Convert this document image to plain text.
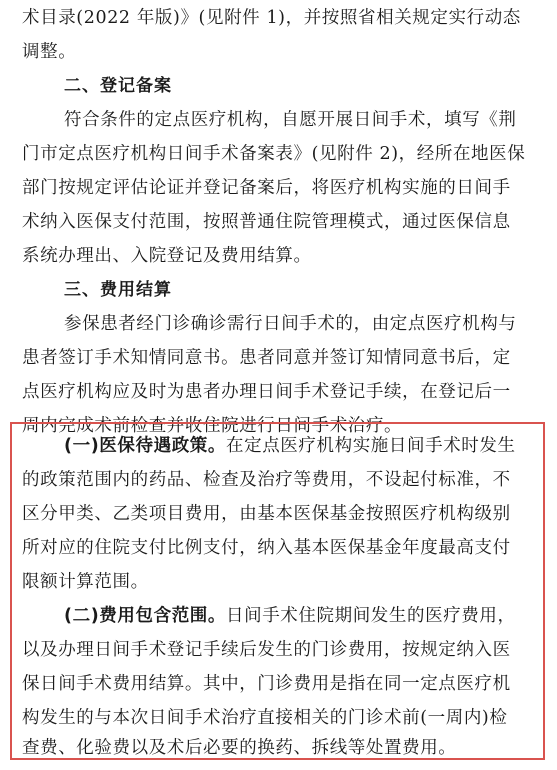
术目录(2022 年版)》(见附件 1)，并按照省相关规定实行动态
调整。
二、登记备案
符合条件的定点医疗机构，自愿开展日间手术，填写《荆
门市定点医疗机构日间手术备案表》(见附件 2)，经所在地医保
部门按规定评估论证并登记备案后，将医疗机构实施的日间手
术纳入医保支付范围，按照普通住院管理模式，通过医保信息
系统办理出、入院登记及费用结算。
三、费用结算
参保患者经门诊确诊需行日间手术的，由定点医疗机构与
患者签订手术知情同意书。患者同意并签订知情同意书后，定
点医疗机构应及时为患者办理日间手术登记手续，在登记后一
周内完成术前检查并收住院进行日间手术治疗。
(一)医保待遇政策。在定点医疗机构实施日间手术时发生
的政策范围内的药品、检查及治疗等费用，不设起付标准，不
区分甲类、乙类项目费用，由基本医保基金按照医疗机构级别
所对应的住院支付比例支付，纳入基本医保基金年度最高支付
限额计算范围。
(二)费用包含范围。日间手术住院期间发生的医疗费用，
以及办理日间手术登记手续后发生的门诊费用，按规定纳入医
保日间手术费用结算。其中，门诊费用是指在同一定点医疗机
构发生的与本次日间手术治疗直接相关的门诊术前(一周内)检
查费、化验费以及术后必要的换药、拆线等处置费用。
